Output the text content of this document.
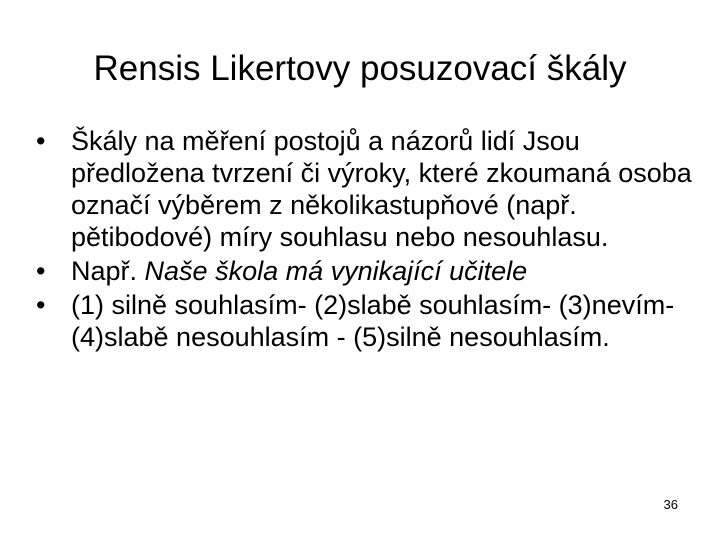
Rensis Likertovy posuzovací škály
• Škály na měření postojů a názorů lidí Jsou předložena tvrzení či výroky, které zkoumaná osoba označí výběrem z několikastupňové (např. pětibodové) míry souhlasu nebo nesouhlasu.
• Např. Naše škola má vynikající učitele
• (1) silně souhlasím- (2)slabě souhlasím- (3)nevím-  (4)slabě nesouhlasím - (5)silně nesouhlasím.
36
